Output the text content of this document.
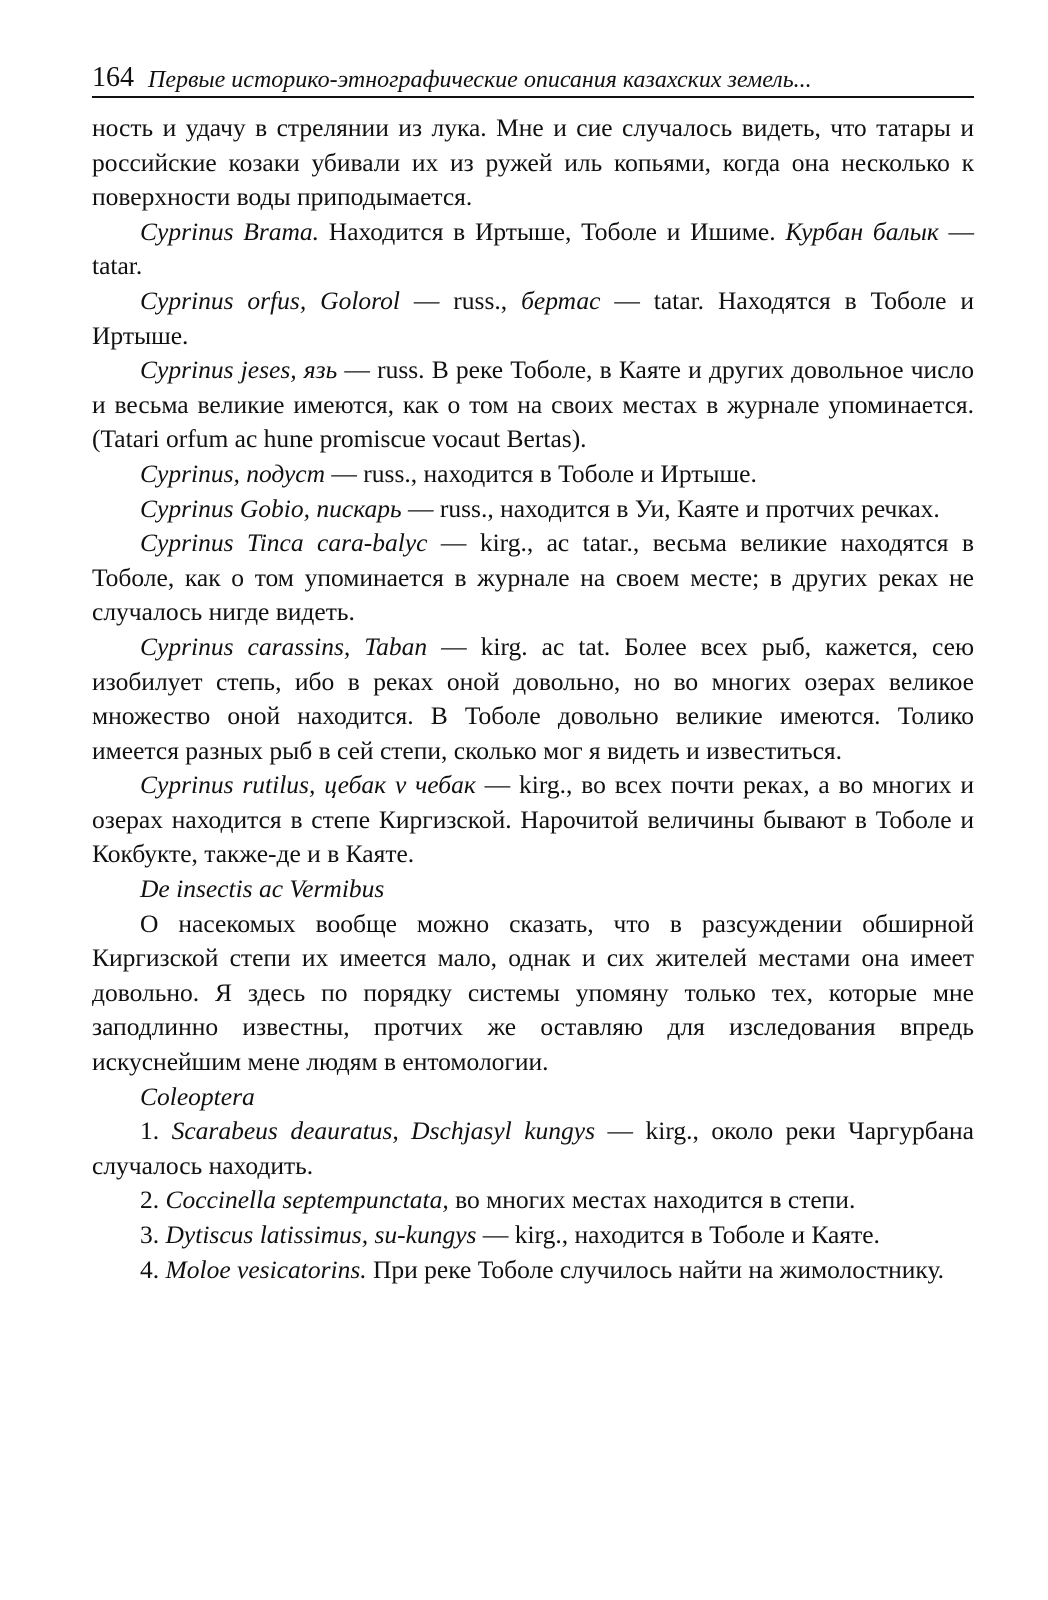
164 Первые историко-этнографические описания казахских земель...

ность и удачу в стрелянии из лука. Мне и сие случалось видеть, что татары и российские козаки убивали их из ружей иль копьями, когда она несколько к поверхности воды приподымается.

Cyprinus Brama. Находится в Иртыше, Тоболе и Ишиме. Курбан балык — tatar.

Cyprinus orfus, Golorol — russ., бертас — tatar. Находятся в Тоболе и Иртыше.

Cyprinus jeses, язь — russ. В реке Тоболе, в Каяте и других довольное число и весьма великие имеются, как о том на своих местах в журнале упоминается. (Tatari orfum ac hune promiscue vocaut Bertas).

Cyprinus, подуст — russ., находится в Тоболе и Иртыше.

Cyprinus Gobio, пискарь — russ., находится в Уи, Каяте и протчих речках.

Cyprinus Tinca cara-balyc — kirg., ac tatar., весьма великие находятся в Тоболе, как о том упоминается в журнале на своем месте; в других реках не случалось нигде видеть.

Cyprinus carassins, Taban — kirg. ac tat. Более всех рыб, кажется, сею изобилует степь, ибо в реках оной довольно, но во многих озерах великое множество оной находится. В Тоболе довольно великие имеются. Толико имеется разных рыб в сей степи, сколько мог я видеть и известиться.

Cyprinus rutilus, цебак v чебак — kirg., во всех почти реках, а во многих и озерах находится в степе Киргизской. Нарочитой величины бывают в Тоболе и Кокбукте, также-де и в Каяте.

De insectis ac Vermibus

О насекомых вообще можно сказать, что в разсуждении обширной Киргизской степи их имеется мало, однак и сих жителей местами она имеет довольно. Я здесь по порядку системы упомяну только тех, которые мне заподлинно известны, протчих же оставляю для изследования впредь искуснейшим мене людям в ентомологии.

Coleoptera

1. Scarabeus deauratus, Dschjasyl kungys — kirg., около реки Чаргурбана случалось находить.

2. Coccinella septempunctata, во многих местах находится в степи.

3. Dytiscus latissimus, su-kungys — kirg., находится в Тоболе и Каяте.

4. Moloe vesicatorins. При реке Тоболе случилось найти на жимолостнику.
